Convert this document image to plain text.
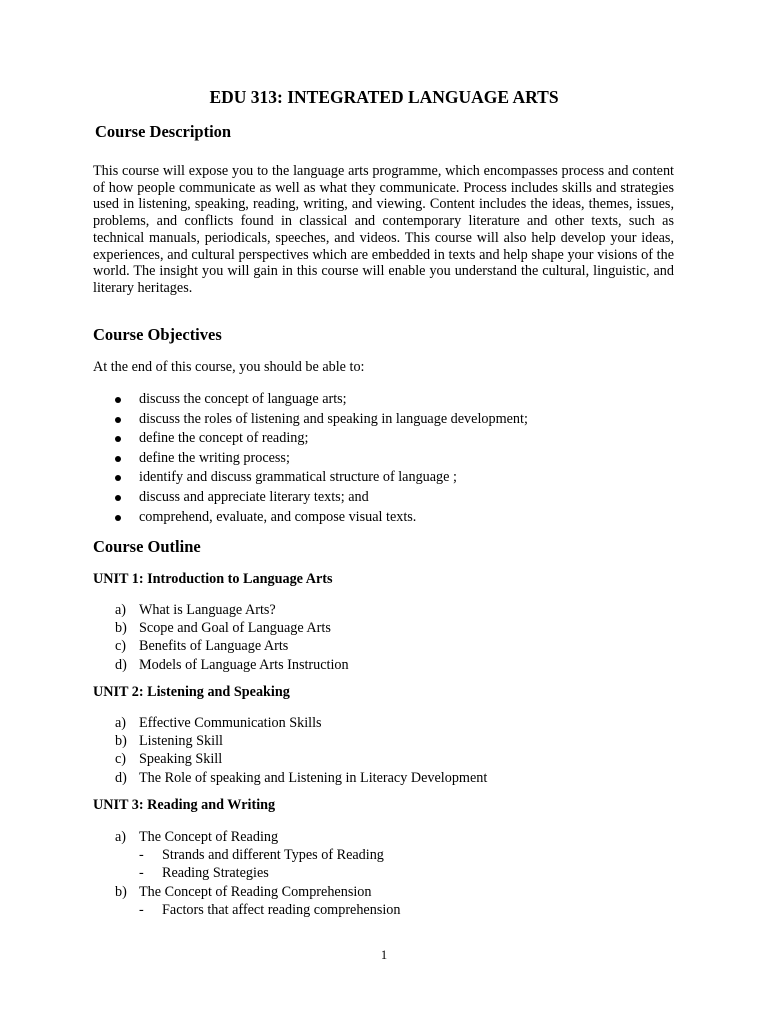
EDU 313: INTEGRATED LANGUAGE ARTS
Course Description
This course will expose you to the language arts programme, which encompasses process and content of how people communicate as well as what they communicate. Process includes skills and strategies used in listening, speaking, reading, writing, and viewing. Content includes the ideas, themes, issues, problems, and conflicts found in classical and contemporary literature and other texts, such as technical manuals, periodicals, speeches, and videos. This course will also help develop your ideas, experiences, and cultural perspectives which are embedded in texts and help shape your visions of the world. The insight you will gain in this course will enable you understand the cultural, linguistic, and literary heritages.
Course Objectives
At the end of this course, you should be able to:
discuss the concept of language arts;
discuss the roles of listening and speaking in language development;
define the concept of reading;
define the writing process;
identify and discuss grammatical structure of language ;
discuss and appreciate literary texts; and
comprehend, evaluate, and compose visual texts.
Course Outline
UNIT 1: Introduction to Language Arts
a) What is Language Arts?
b) Scope and Goal of Language Arts
c) Benefits of Language Arts
d) Models of Language Arts Instruction
UNIT 2: Listening and Speaking
a) Effective Communication Skills
b) Listening Skill
c) Speaking Skill
d) The Role of speaking and Listening in Literacy Development
UNIT 3: Reading and Writing
a) The Concept of Reading
- Strands and different Types of Reading
- Reading Strategies
b) The Concept of Reading Comprehension
- Factors that affect reading comprehension
1
